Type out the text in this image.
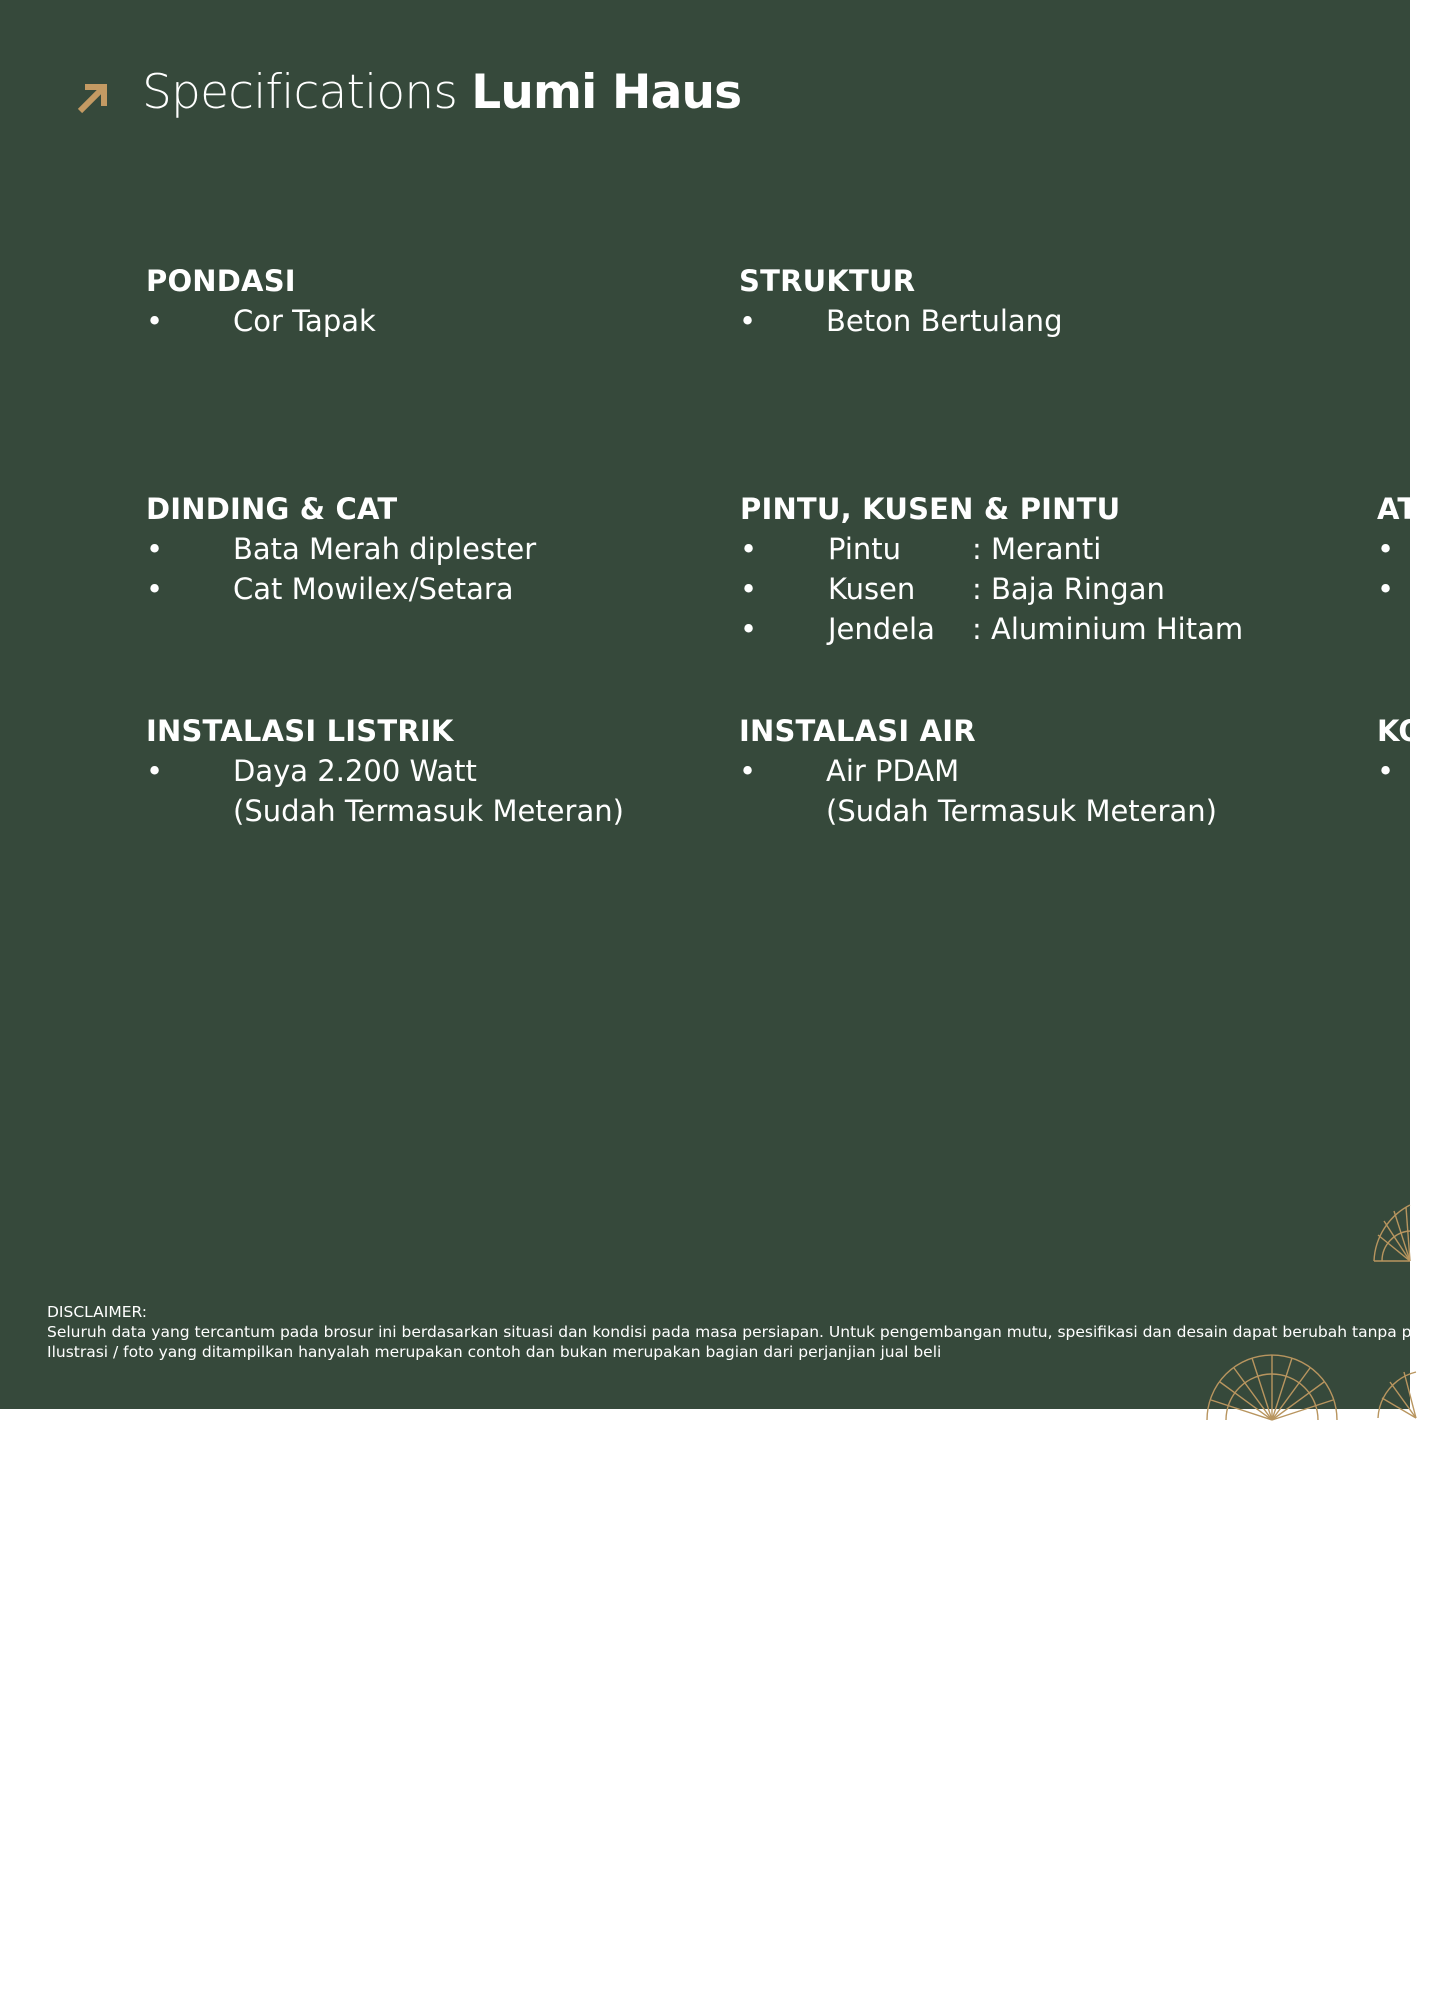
Specifications Lumi Haus
PONDASI
• Cor Tapak
STRUKTUR
• Beton Bertulang
DINDING & CAT
• Bata Merah diplester
• Cat Mowilex/Setara
PINTU, KUSEN & PINTU
• Pintu : Meranti
• Kusen : Baja Ringan
• Jendela : Aluminium Hitam
AT
•
•
INSTALASI LISTRIK
• Daya 2.200 Watt
(Sudah Termasuk Meteran)
INSTALASI AIR
• Air PDAM
(Sudah Termasuk Meteran)
KO
•
DISCLAIMER:
Seluruh data yang tercantum pada brosur ini berdasarkan situasi dan kondisi pada masa persiapan. Untuk pengembangan mutu, spesifikasi dan desain dapat berubah tanpa pemb
Ilustrasi / foto yang ditampilkan hanyalah merupakan contoh dan bukan merupakan bagian dari perjanjian jual beli
